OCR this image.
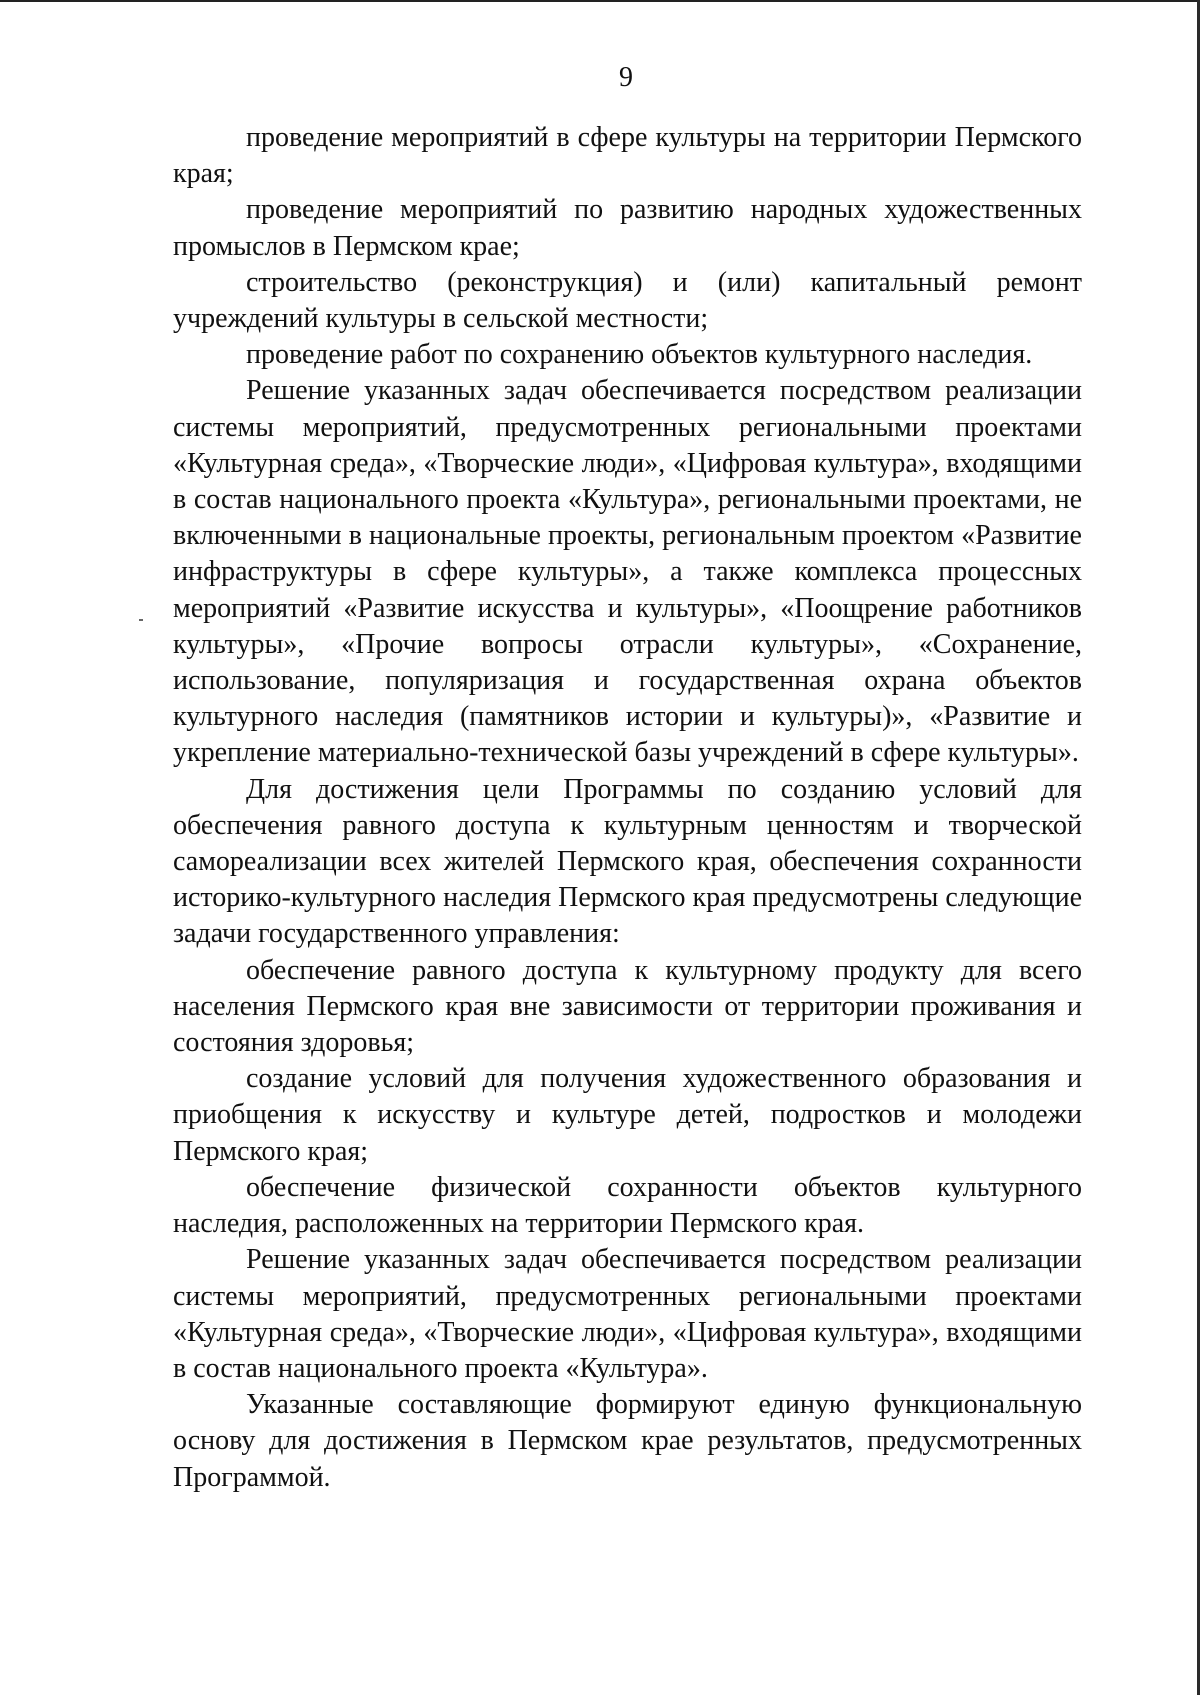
9

проведение мероприятий в сфере культуры на территории Пермского края;

проведение мероприятий по развитию народных художественных промыслов в Пермском крае;

строительство (реконструкция) и (или) капитальный ремонт учреждений культуры в сельской местности;

проведение работ по сохранению объектов культурного наследия.

Решение указанных задач обеспечивается посредством реализации системы мероприятий, предусмотренных региональными проектами «Культурная среда», «Творческие люди», «Цифровая культура», входящими в состав национального проекта «Культура», региональными проектами, не включенными в национальные проекты, региональным проектом «Развитие инфраструктуры в сфере культуры», а также комплекса процессных мероприятий «Развитие искусства и культуры», «Поощрение работников культуры», «Прочие вопросы отрасли культуры», «Сохранение, использование, популяризация и государственная охрана объектов культурного наследия (памятников истории и культуры)», «Развитие и укрепление материально-технической базы учреждений в сфере культуры».

Для достижения цели Программы по созданию условий для обеспечения равного доступа к культурным ценностям и творческой самореализации всех жителей Пермского края, обеспечения сохранности историко-культурного наследия Пермского края предусмотрены следующие задачи государственного управления:

обеспечение равного доступа к культурному продукту для всего населения Пермского края вне зависимости от территории проживания и состояния здоровья;

создание условий для получения художественного образования и приобщения к искусству и культуре детей, подростков и молодежи Пермского края;

обеспечение физической сохранности объектов культурного наследия, расположенных на территории Пермского края.

Решение указанных задач обеспечивается посредством реализации системы мероприятий, предусмотренных региональными проектами «Культурная среда», «Творческие люди», «Цифровая культура», входящими в состав национального проекта «Культура».

Указанные составляющие формируют единую функциональную основу для достижения в Пермском крае результатов, предусмотренных Программой.
